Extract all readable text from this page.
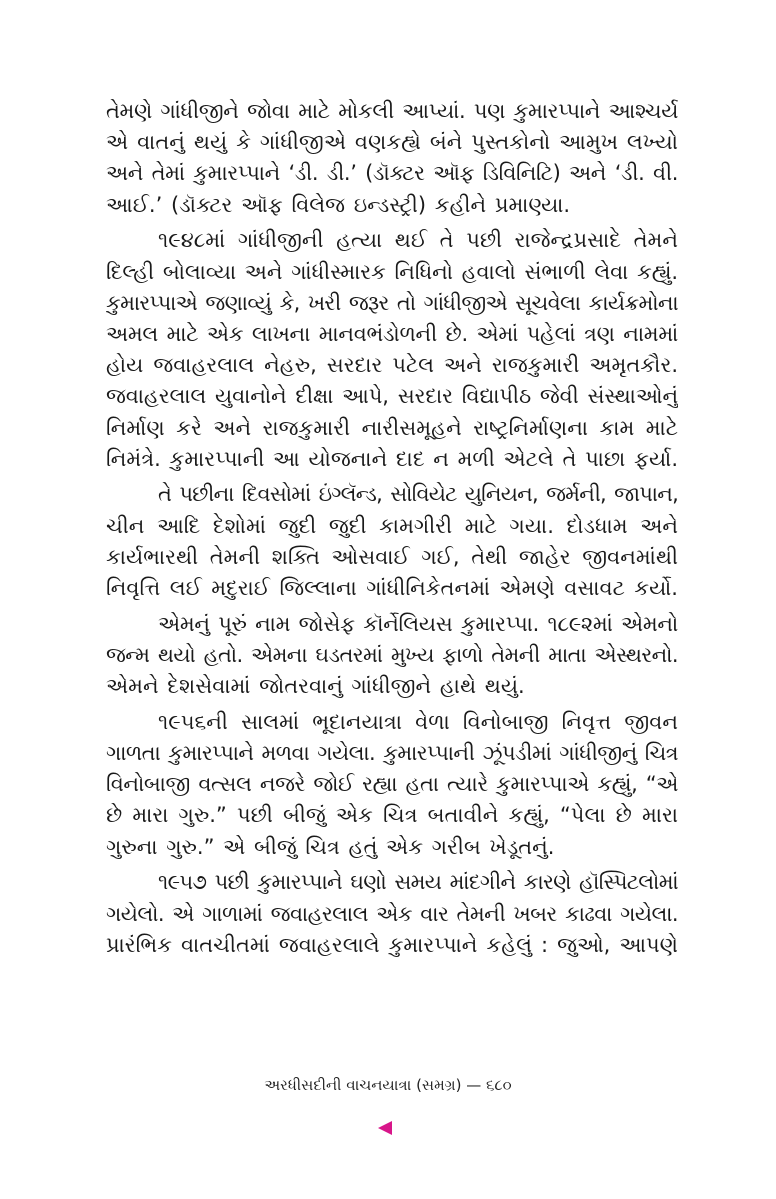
તેમણે ગાંધીજીને જોવા માટે મોકલી આપ્યાં. પણ કુમારપ્પાને આશ્ચર્ય
એ વાતનું થયું કે ગાંધીજીએ વણકહ્યે બંને પુસ્તકોનો આમુખ લખ્યો
અને તેમાં કુમારપ્પાને ‘ડી. ડી.’ (ડૉક્ટર ઑફ ડિવિનિટિ) અને ‘ડી. વી.
આઈ.’ (ડૉક્ટર ઑફ વિલેજ ઇન્ડસ્ટ્રી) કહીને પ્રમાણ્યા.

૧૯૪૮માં ગાંધીજીની હત્યા થઈ તે પછી રાજેન્દ્રપ્રસાદે તેમને
દિલ્હી બોલાવ્યા અને ગાંધીસ્મારક નિધિનો હવાલો સંભાળી લેવા કહ્યું.
કુમારપ્પાએ જણાવ્યું કે, ખરી જરૂર તો ગાંધીજીએ સૂચવેલા કાર્યક્રમોના
અમલ માટે એક લાખના માનવભંડોળની છે. એમાં પહેલાં ત્રણ નામમાં
હોય જવાહરલાલ નેહરુ, સરદાર પટેલ અને રાજકુમારી અમૃતકૌર.
જવાહરલાલ યુવાનોને દીક્ષા આપે, સરદાર વિદ્યાપીઠ જેવી સંસ્થાઓનું
નિર્માણ કરે અને રાજકુમારી નારીસમૂહને રાષ્ટ્રનિર્માણના કામ માટે
નિમંત્રે. કુમારપ્પાની આ યોજનાને દાદ ન મળી એટલે તે પાછા ફર્યા.

તે પછીના દિવસોમાં ઇંગ્લૅન્ડ, સોવિયેટ યુનિયન, જર્મની, જાપાન,
ચીન આદિ દેશોમાં જુદી જુદી કામગીરી માટે ગયા. દોડધામ અને
કાર્યભારથી તેમની શક્તિ ઓસવાઈ ગઈ, તેથી જાહેર જીવનમાંથી
નિવૃત્તિ લઈ મદુરાઈ જિલ્લાના ગાંધીનિકેતનમાં એમણે વસાવટ કર્યો.

એમનું પૂરું નામ જોસેફ કૉર્નેલિયસ કુમારપ્પા. ૧૮૯૨માં એમનો
જન્મ થયો હતો. એમના ઘડતરમાં મુખ્ય ફાળો તેમની માતા એસ્થરનો.
એમને દેશસેવામાં જોતરવાનું ગાંધીજીને હાથે થયું.

૧૯૫૬ની સાલમાં ભૂદાનયાત્રા વેળા વિનોબાજી નિવૃત્ત જીવન
ગાળતા કુમારપ્પાને મળવા ગયેલા. કુમારપ્પાની ઝૂંપડીમાં ગાંધીજીનું ચિત્ર
વિનોબાજી વત્સલ નજરે જોઈ રહ્યા હતા ત્યારે કુમારપ્પાએ કહ્યું, “એ
છે મારા ગુરુ.” પછી બીજું એક ચિત્ર બતાવીને કહ્યું, “પેલા છે મારા
ગુરુના ગુરુ.” એ બીજું ચિત્ર હતું એક ગરીબ ખેડૂતનું.

૧૯૫૭ પછી કુમારપ્પાને ઘણો સમય માંદગીને કારણે હૉસ્પિટલોમાં
ગયેલો. એ ગાળામાં જવાહરલાલ એક વાર તેમની ખબર કાઢવા ગયેલા.
પ્રારંભિક વાતચીતમાં જવાહરલાલે કુમારપ્પાને કહેલું : જુઓ, આપણે

અરધીસદીની વાચનયાત્રા (સમગ્ર) — ૬૮૦
